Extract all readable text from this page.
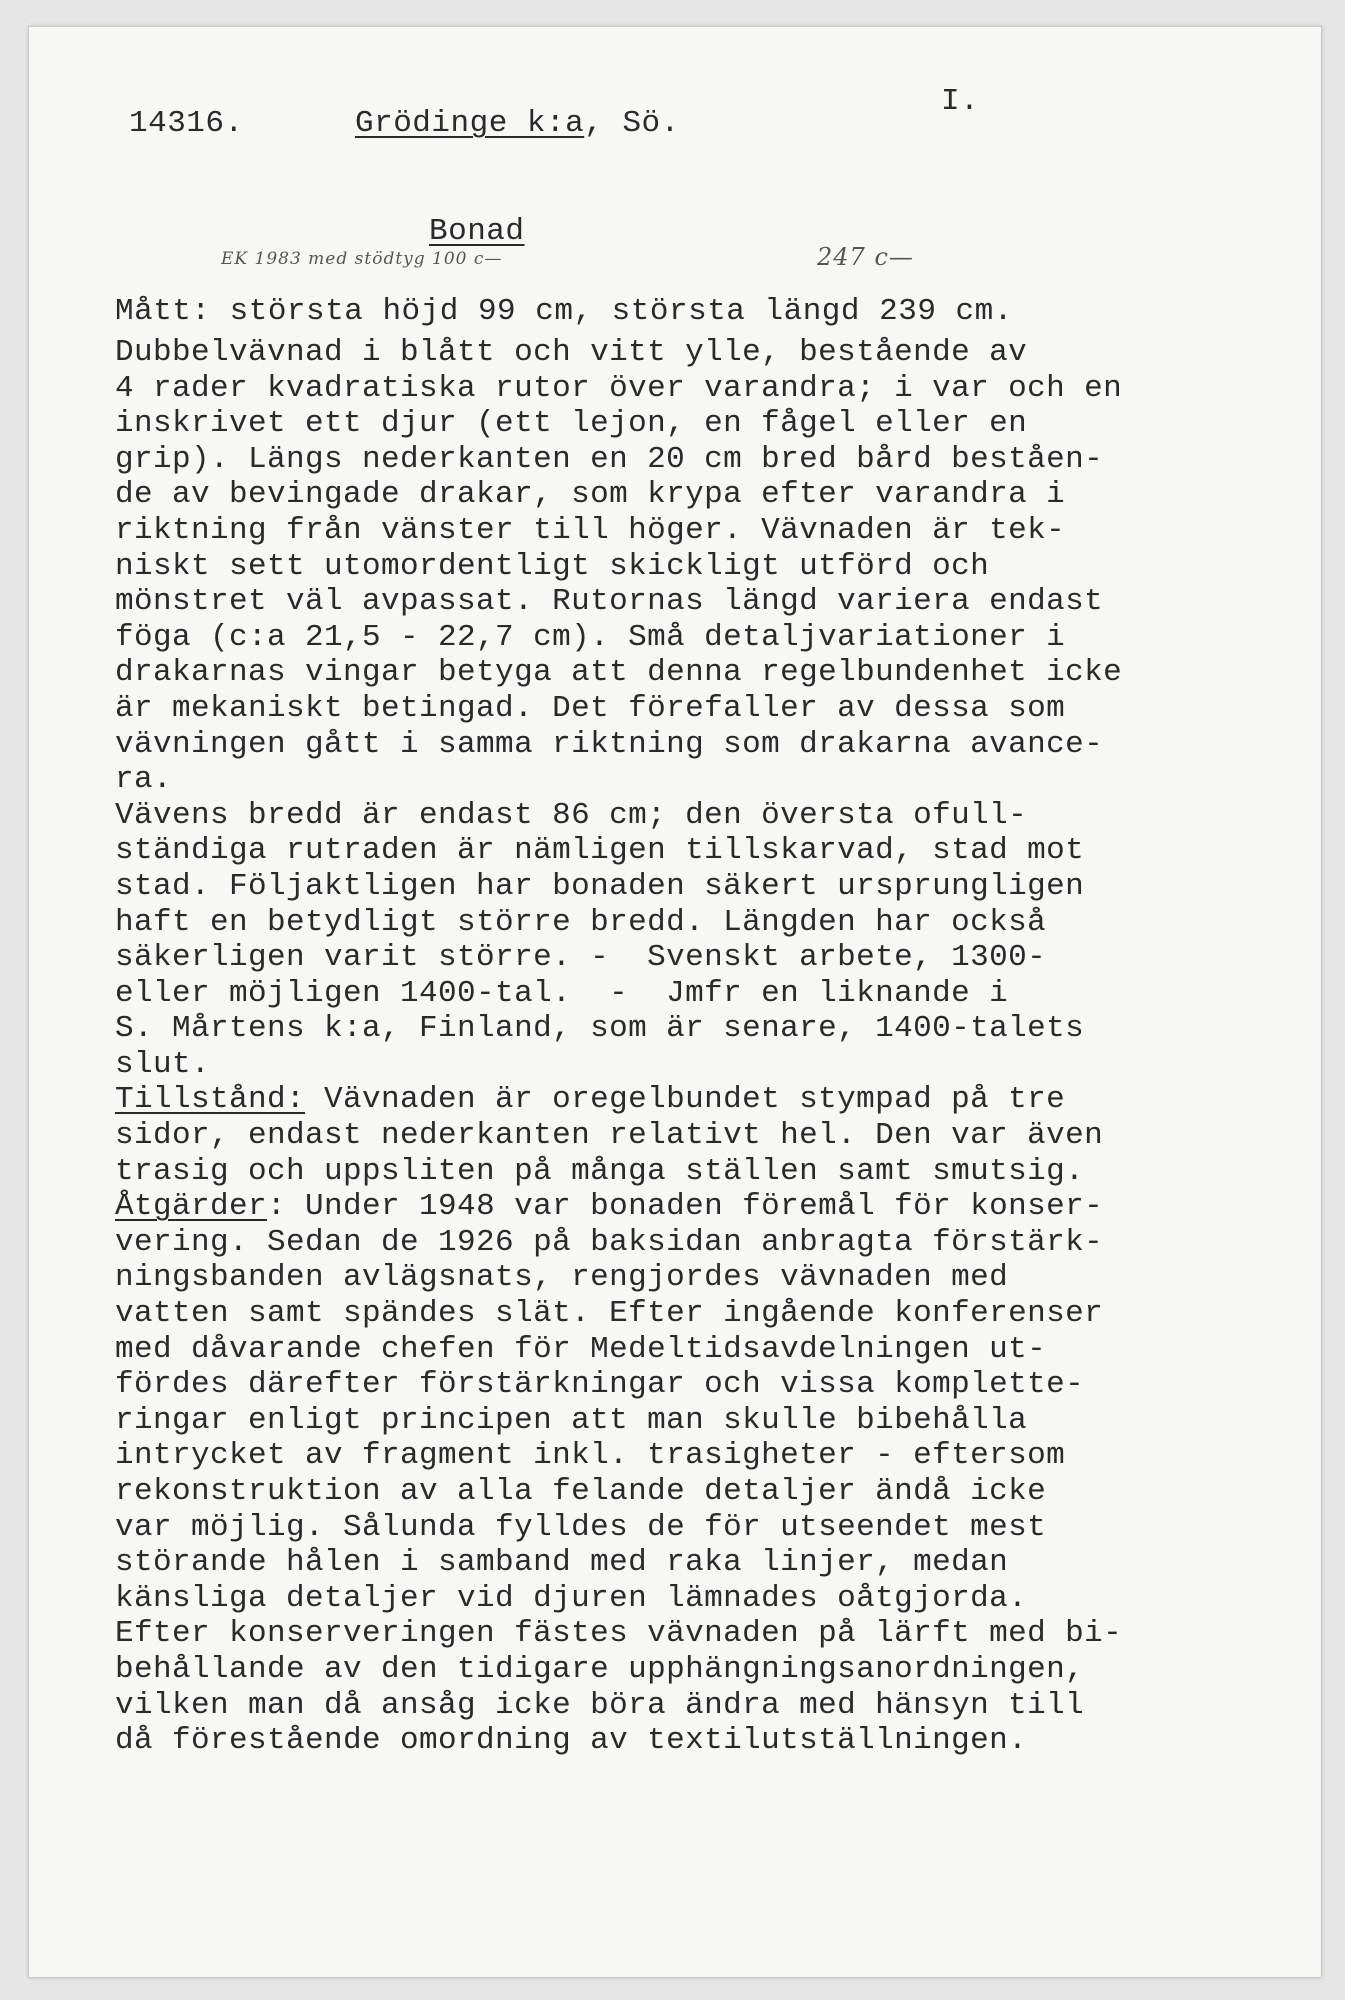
14316.	Grödinge k:a, Sö.
I.
Bonad
EK 1983 med stödtyg 100 c—	247 c—
Mått: största höjd 99 cm, största längd 239 cm.
Dubbelvävnad i blått och vitt ylle, bestående av
4 rader kvadratiska rutor över varandra; i var och en
inskrivet ett djur (ett lejon, en fågel eller en
grip). Längs nederkanten en 20 cm bred bård beståen-
de av bevingade drakar, som krypa efter varandra i
riktning från vänster till höger. Vävnaden är tek-
niskt sett utomordentligt skickligt utförd och
mönstret väl avpassat. Rutornas längd variera endast
föga (c:a 21,5 - 22,7 cm). Små detaljvariationer i
drakarnas vingar betyga att denna regelbundenhet icke
är mekaniskt betingad. Det förefaller av dessa som
vävningen gått i samma riktning som drakarna avance-
ra.
Vävens bredd är endast 86 cm; den översta ofull-
ständiga rutraden är nämligen tillskarvad, stad mot
stad. Följaktligen har bonaden säkert ursprungligen
haft en betydligt större bredd. Längden har också
säkerligen varit större. -  Svenskt arbete, 1300-
eller möjligen 1400-tal.  -  Jmfr en liknande i
S. Mårtens k:a, Finland, som är senare, 1400-talets
slut.
Tillstånd: Vävnaden är oregelbundet stympad på tre
sidor, endast nederkanten relativt hel. Den var även
trasig och uppsliten på många ställen samt smutsig.
Åtgärder: Under 1948 var bonaden föremål för konser-
vering. Sedan de 1926 på baksidan anbragta förstärk-
ningsbanden avlägsnats, rengjordes vävnaden med
vatten samt spändes slät. Efter ingående konferenser
med dåvarande chefen för Medeltidsavdelningen ut-
fördes därefter förstärkningar och vissa komplette-
ringar enligt principen att man skulle bibehålla
intrycket av fragment inkl. trasigheter - eftersom
rekonstruktion av alla felande detaljer ändå icke
var möjlig. Sålunda fylldes de för utseendet mest
störande hålen i samband med raka linjer, medan
känsliga detaljer vid djuren lämnades oåtgjorda.
Efter konserveringen fästes vävnaden på lärft med bi-
behållande av den tidigare upphängningsanordningen,
vilken man då ansåg icke böra ändra med hänsyn till
då förestående omordning av textilutställningen.
